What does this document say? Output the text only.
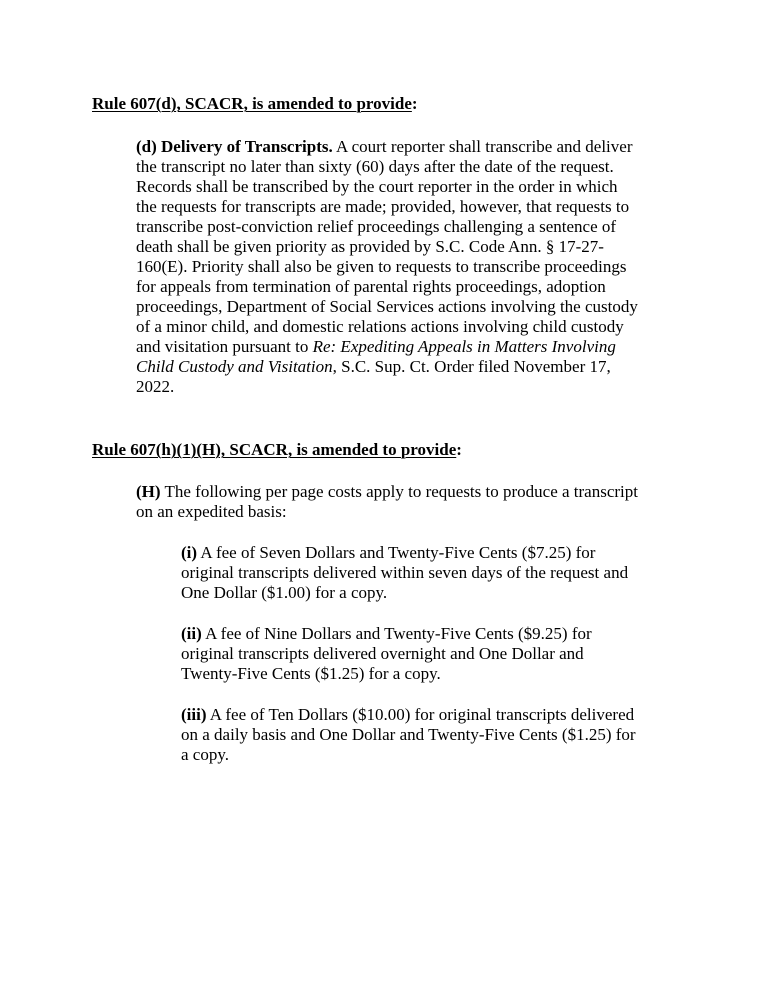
Rule 607(d), SCACR, is amended to provide:

(d) Delivery of Transcripts. A court reporter shall transcribe and deliver the transcript no later than sixty (60) days after the date of the request. Records shall be transcribed by the court reporter in the order in which the requests for transcripts are made; provided, however, that requests to transcribe post-conviction relief proceedings challenging a sentence of death shall be given priority as provided by S.C. Code Ann. § 17-27-160(E). Priority shall also be given to requests to transcribe proceedings for appeals from termination of parental rights proceedings, adoption proceedings, Department of Social Services actions involving the custody of a minor child, and domestic relations actions involving child custody and visitation pursuant to Re: Expediting Appeals in Matters Involving Child Custody and Visitation, S.C. Sup. Ct. Order filed November 17, 2022.

Rule 607(h)(1)(H), SCACR, is amended to provide:

(H) The following per page costs apply to requests to produce a transcript on an expedited basis:

(i) A fee of Seven Dollars and Twenty-Five Cents ($7.25) for original transcripts delivered within seven days of the request and One Dollar ($1.00) for a copy.

(ii) A fee of Nine Dollars and Twenty-Five Cents ($9.25) for original transcripts delivered overnight and One Dollar and Twenty-Five Cents ($1.25) for a copy.

(iii) A fee of Ten Dollars ($10.00) for original transcripts delivered on a daily basis and One Dollar and Twenty-Five Cents ($1.25) for a copy.
